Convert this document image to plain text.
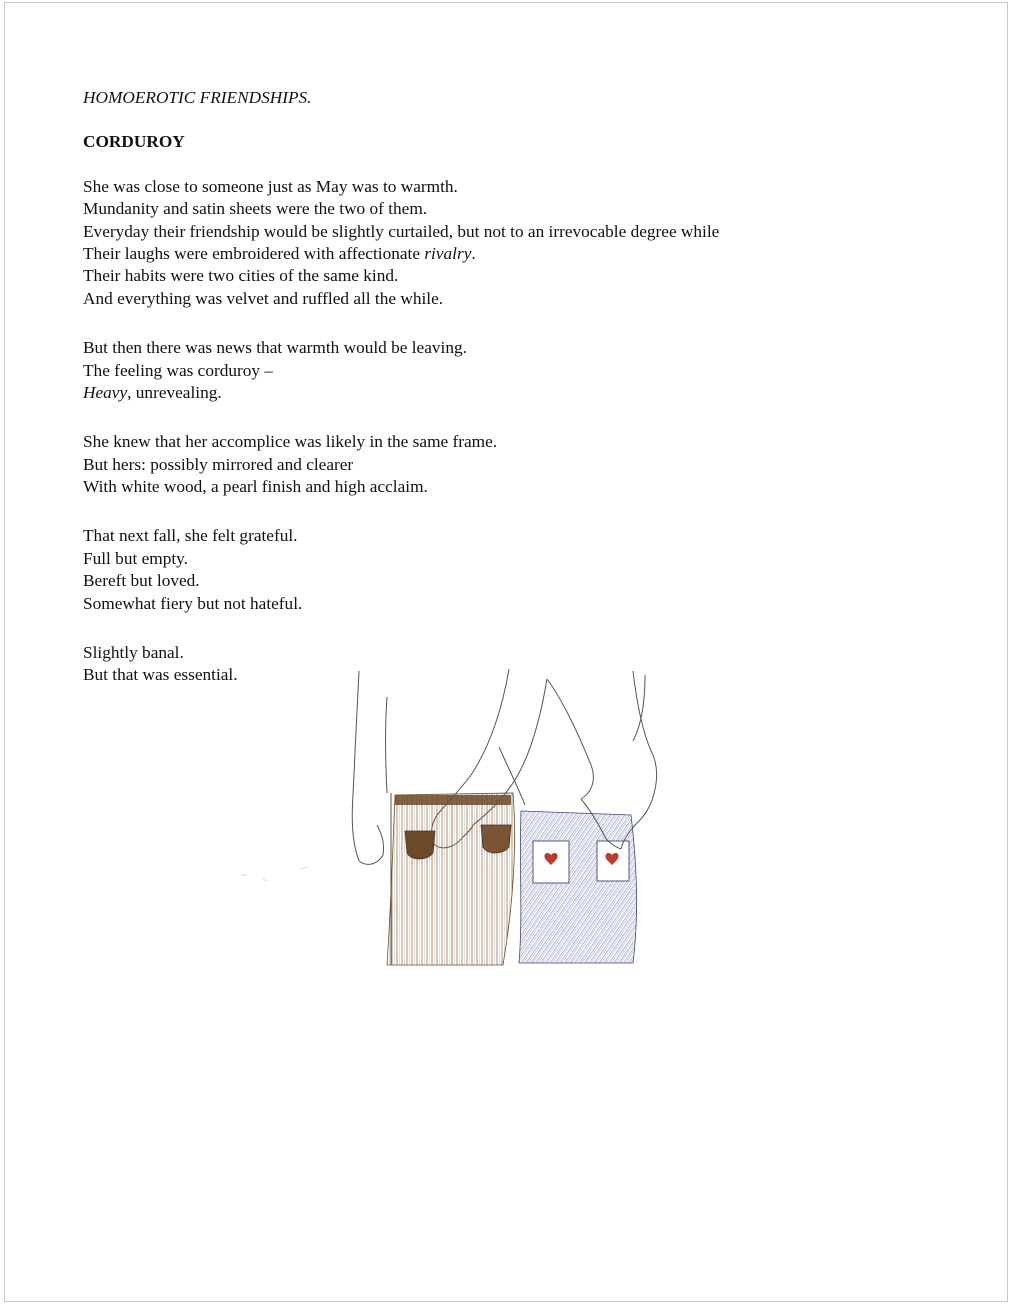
HOMOEROTIC FRIENDSHIPS.
CORDUROY
She was close to someone just as May was to warmth.
Mundanity and satin sheets were the two of them.
Everyday their friendship would be slightly curtailed, but not to an irrevocable degree while
Their laughs were embroidered with affectionate rivalry.
Their habits were two cities of the same kind.
And everything was velvet and ruffled all the while.
But then there was news that warmth would be leaving.
The feeling was corduroy –
Heavy, unrevealing.
She knew that her accomplice was likely in the same frame.
But hers: possibly mirrored and clearer
With white wood, a pearl finish and high acclaim.
That next fall, she felt grateful.
Full but empty.
Bereft but loved.
Somewhat fiery but not hateful.
Slightly banal.
But that was essential.
